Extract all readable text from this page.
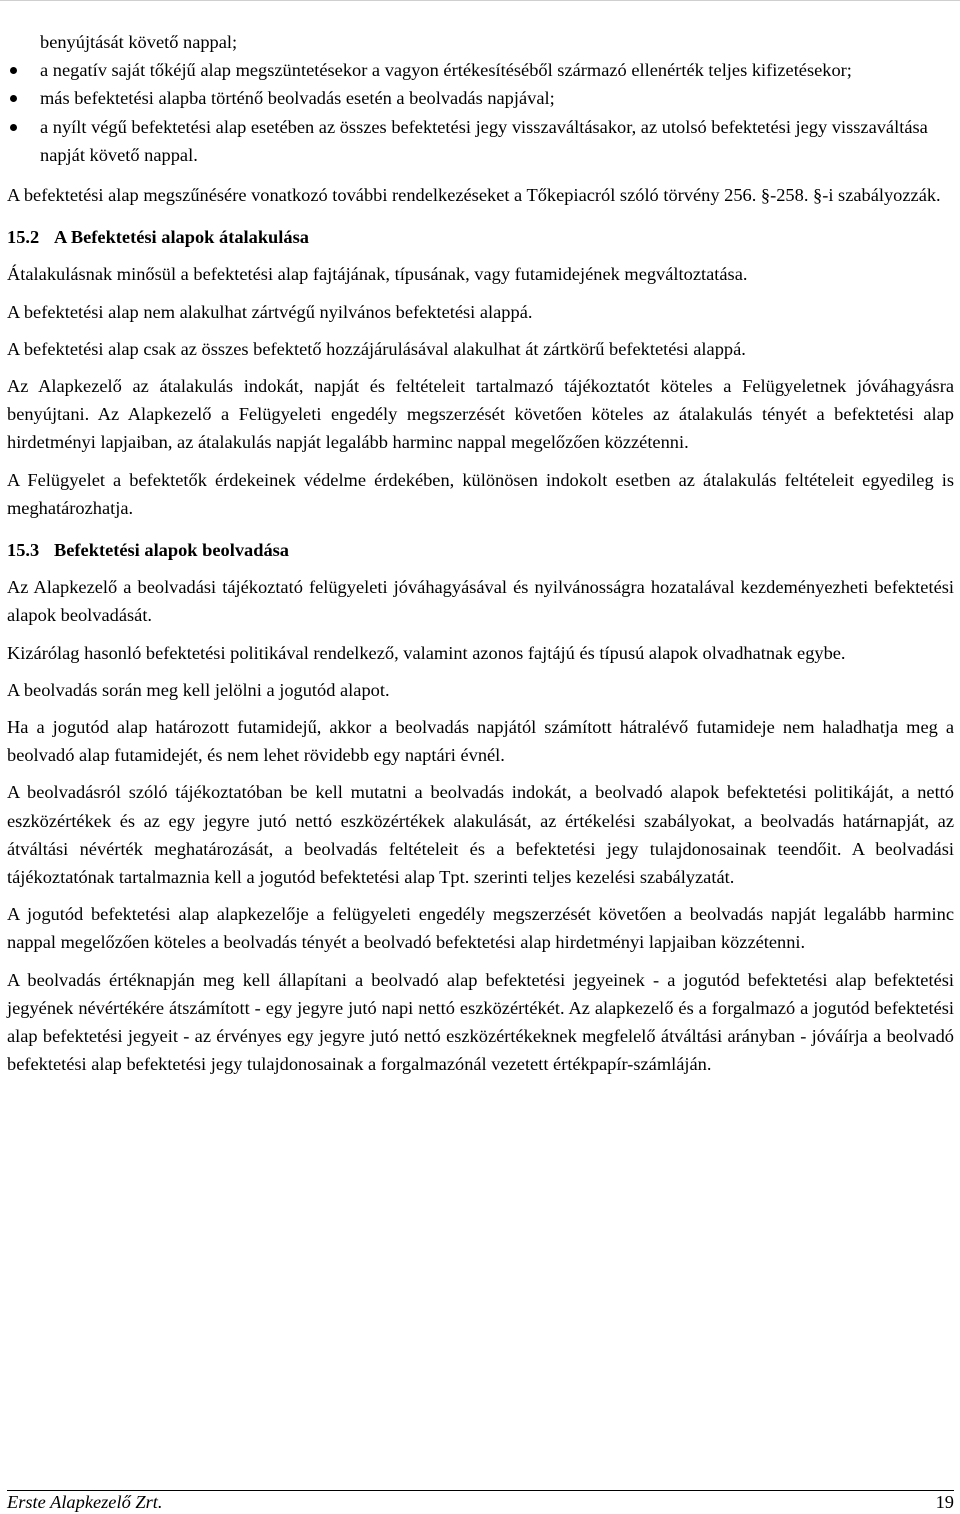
benyújtását követő nappal;

a negatív saját tőkéjű alap megszüntetésekor a vagyon értékesítéséből származó ellenérték teljes kifizetésekor;
más befektetési alapba történő beolvadás esetén a beolvadás napjával;
a nyílt végű befektetési alap esetében az összes befektetési jegy visszaváltásakor, az utolsó befektetési jegy visszaváltása napját követő nappal.

A befektetési alap megszűnésére vonatkozó további rendelkezéseket a Tőkepiacról szóló törvény 256. §-258. §-i szabályozzák.

15.2 A Befektetési alapok átalakulása

Átalakulásnak minősül a befektetési alap fajtájának, típusának, vagy futamidejének megváltoztatása.

A befektetési alap nem alakulhat zártvégű nyilvános befektetési alappá.

A befektetési alap csak az összes befektető hozzájárulásával alakulhat át zártkörű befektetési alappá.

Az Alapkezelő az átalakulás indokát, napját és feltételeit tartalmazó tájékoztatót köteles a Felügyeletnek jóváhagyásra benyújtani. Az Alapkezelő a Felügyeleti engedély megszerzését követően köteles az átalakulás tényét a befektetési alap hirdetményi lapjaiban, az átalakulás napját legalább harminc nappal megelőzően közzétenni.

A Felügyelet a befektetők érdekeinek védelme érdekében, különösen indokolt esetben az átalakulás feltételeit egyedileg is meghatározhatja.

15.3 Befektetési alapok beolvadása

Az Alapkezelő a beolvadási tájékoztató felügyeleti jóváhagyásával és nyilvánosságra hozatalával kezdeményezheti befektetési alapok beolvadását.

Kizárólag hasonló befektetési politikával rendelkező, valamint azonos fajtájú és típusú alapok olvadhatnak egybe.

A beolvadás során meg kell jelölni a jogutód alapot.

Ha a jogutód alap határozott futamidejű, akkor a beolvadás napjától számított hátralévő futamideje nem haladhatja meg a beolvadó alap futamidejét, és nem lehet rövidebb egy naptári évnél.

A beolvadásról szóló tájékoztatóban be kell mutatni a beolvadás indokát, a beolvadó alapok befektetési politikáját, a nettó eszközértékek és az egy jegyre jutó nettó eszközértékek alakulását, az értékelési szabályokat, a beolvadás határnapját, az átváltási névérték meghatározását, a beolvadás feltételeit és a befektetési jegy tulajdonosainak teendőit. A beolvadási tájékoztatónak tartalmaznia kell a jogutód befektetési alap Tpt. szerinti teljes kezelési szabályzatát.

A jogutód befektetési alap alapkezelője a felügyeleti engedély megszerzését követően a beolvadás napját legalább harminc nappal megelőzően köteles a beolvadás tényét a beolvadó befektetési alap hirdetményi lapjaiban közzétenni.

A beolvadás értéknapján meg kell állapítani a beolvadó alap befektetési jegyeinek - a jogutód befektetési alap befektetési jegyének névértékére átszámított - egy jegyre jutó napi nettó eszközértékét. Az alapkezelő és a forgalmazó a jogutód befektetési alap befektetési jegyeit - az érvényes egy jegyre jutó nettó eszközértékeknek megfelelő átváltási arányban - jóváírja a beolvadó befektetési alap befektetési jegy tulajdonosainak a forgalmazónál vezetett értékpapír-számláján.

Erste Alapkezelő Zrt.	19
